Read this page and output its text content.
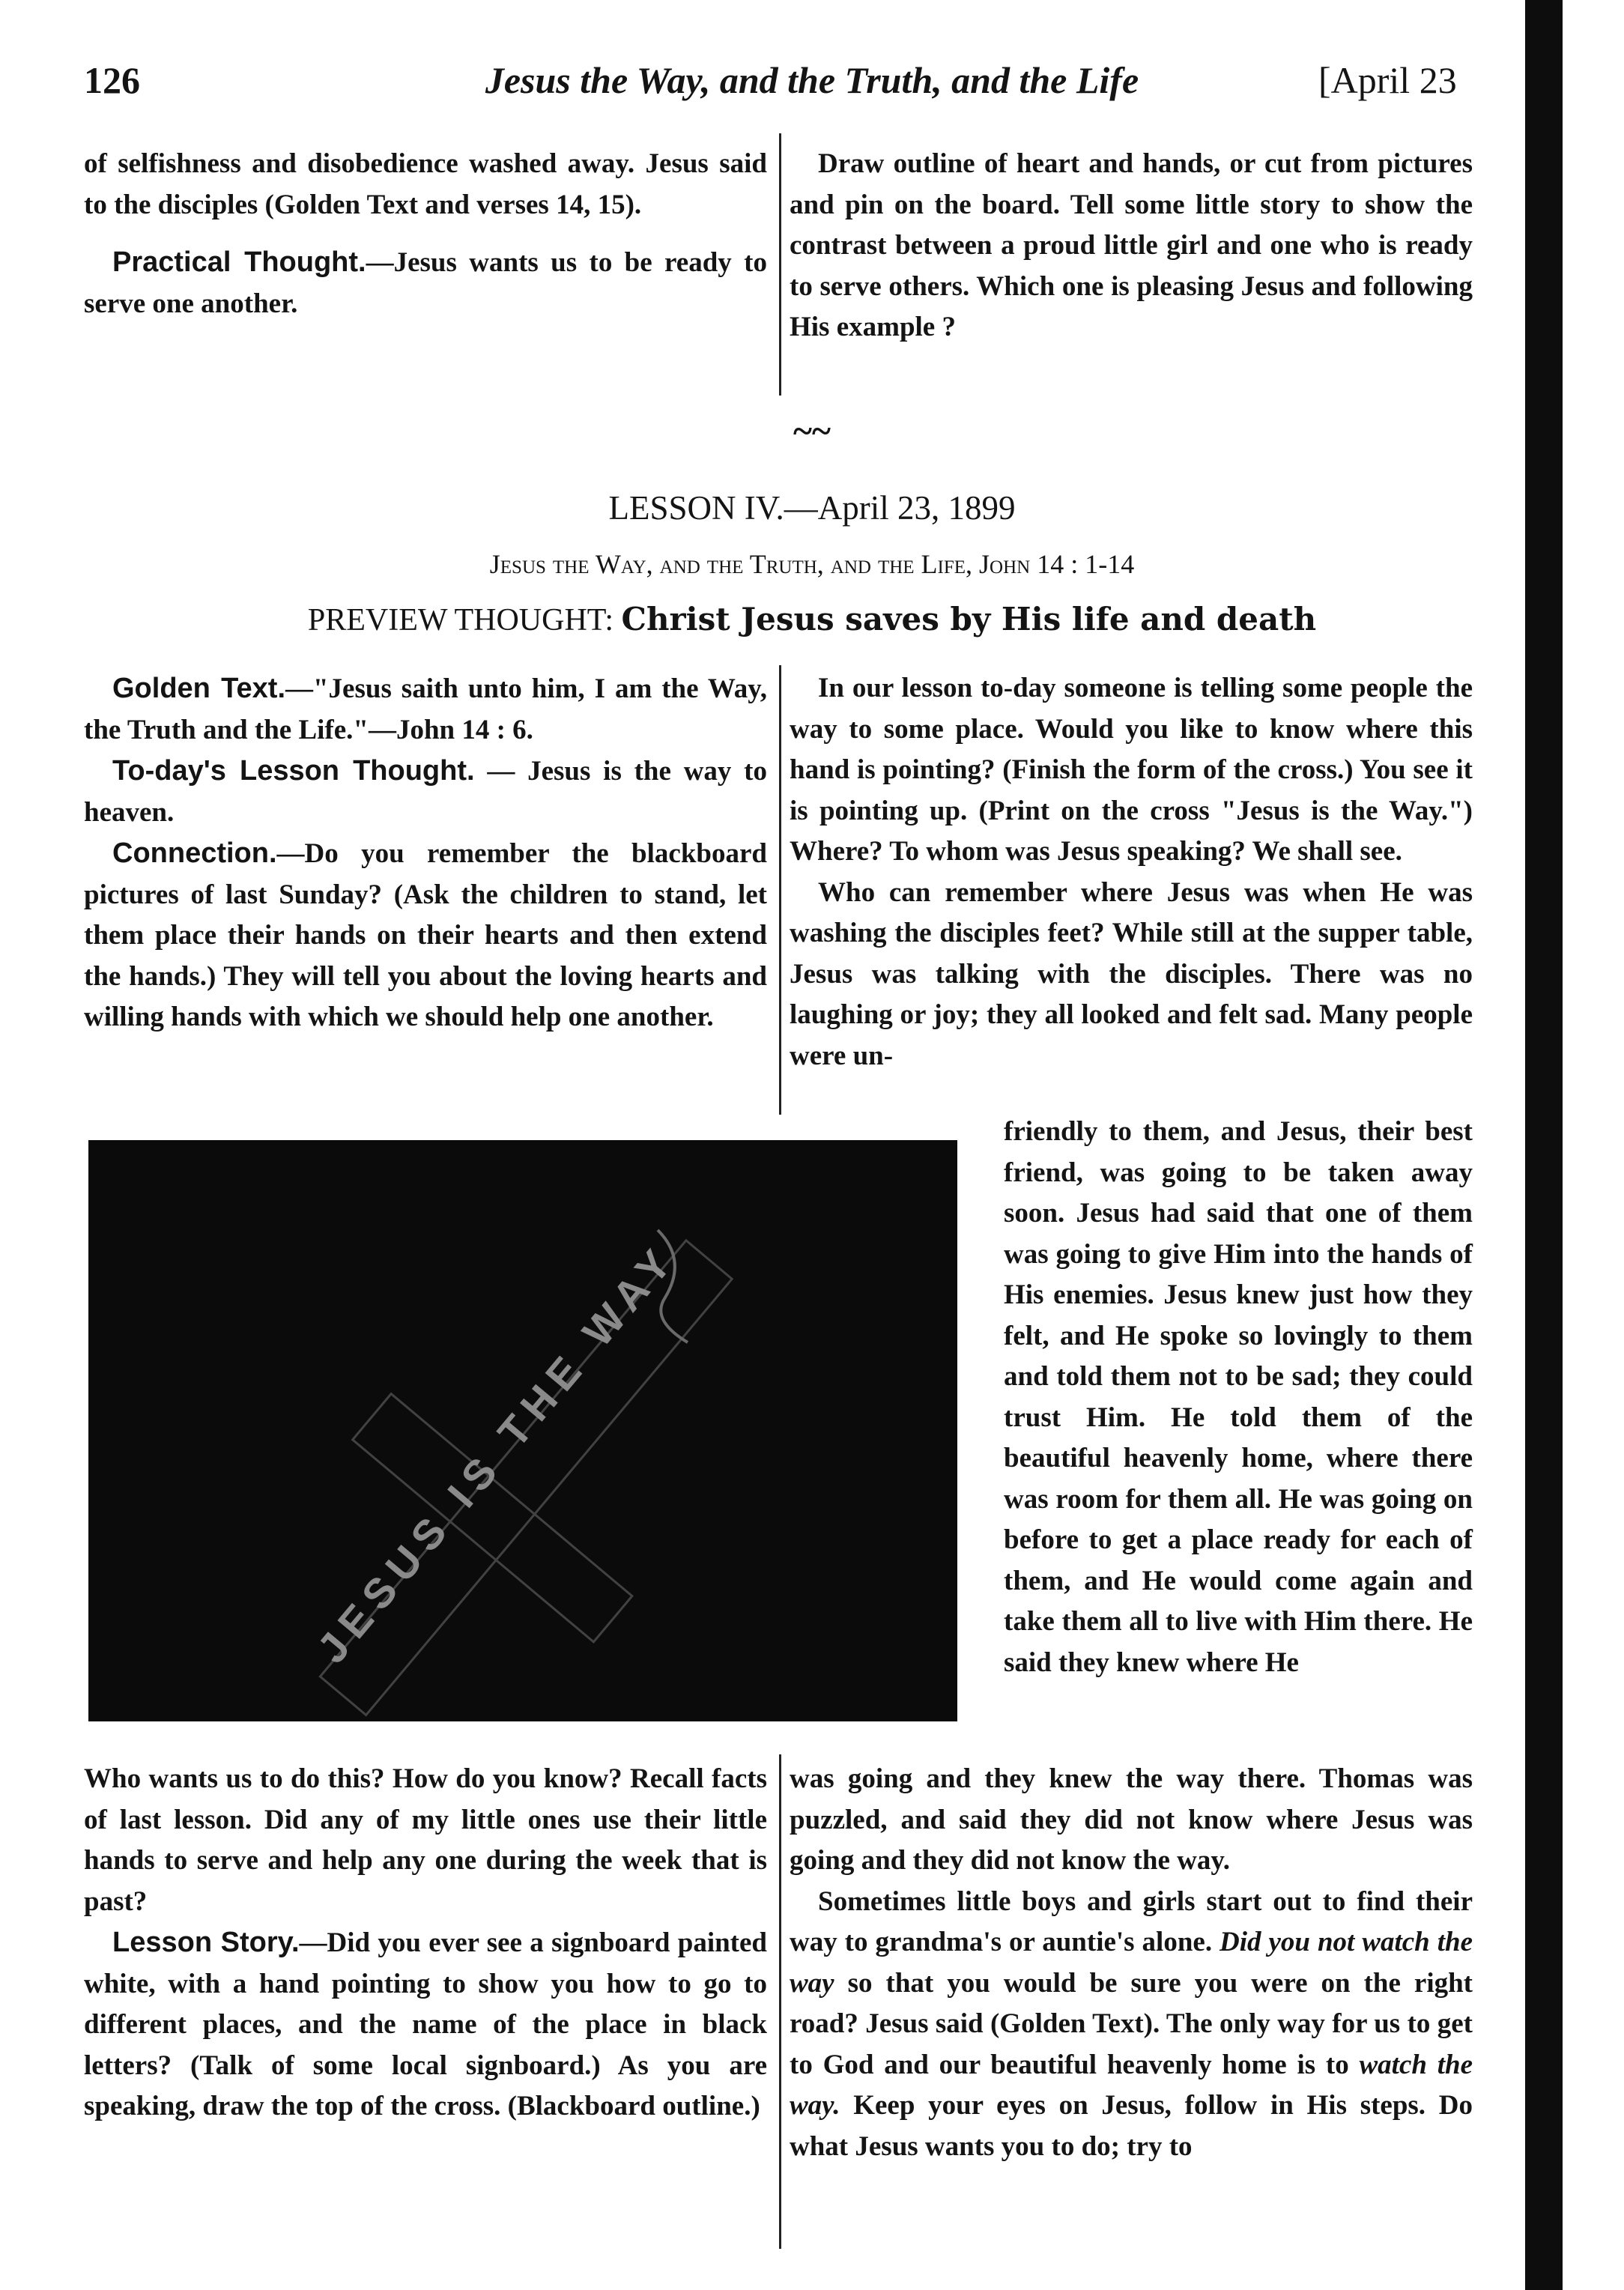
126	Jesus the Way, and the Truth, and the Life	[April 23

of selfishness and disobedience washed away. Jesus said to the disciples (Golden Text and verses 14, 15).

Practical Thought.—Jesus wants us to be ready to serve one another.

Draw outline of heart and hands, or cut from pictures and pin on the board. Tell some little story to show the contrast between a proud little girl and one who is ready to serve others. Which one is pleasing Jesus and following His example ?

~~
LESSON IV.—April 23, 1899
Jesus the Way, and the Truth, and the Life, John 14 : 1-14
PREVIEW THOUGHT: Christ Jesus saves by His life and death

Golden Text.—"Jesus saith unto him, I am the Way, the Truth and the Life."—John 14 : 6.

To-day's Lesson Thought. — Jesus is the way to heaven.

Connection.—Do you remember the blackboard pictures of last Sunday? (Ask the children to stand, let them place their hands on their hearts and then extend the hands.) They will tell you about the loving hearts and willing hands with which we should help one another.

In our lesson to-day someone is telling some people the way to some place. Would you like to know where this hand is pointing? (Finish the form of the cross.) You see it is pointing up. (Print on the cross "Jesus is the Way.") Where? To whom was Jesus speaking? We shall see.

Who can remember where Jesus was when He was washing the disciples feet? While still at the supper table, Jesus was talking with the disciples. There was no laughing or joy; they all looked and felt sad. Many people were un-

JESUS IS THE WAY

friendly to them, and Jesus, their best friend, was going to be taken away soon. Jesus had said that one of them was going to give Him into the hands of His enemies. Jesus knew just how they felt, and He spoke so lovingly to them and told them not to be sad; they could trust Him. He told them of the beautiful heavenly home, where there was room for them all. He was going on before to get a place ready for each of them, and He would come again and take them all to live with Him there. He said they knew where He

Who wants us to do this? How do you know? Recall facts of last lesson. Did any of my little ones use their little hands to serve and help any one during the week that is past?

Lesson Story.—Did you ever see a signboard painted white, with a hand pointing to show you how to go to different places, and the name of the place in black letters? (Talk of some local signboard.) As you are speaking, draw the top of the cross. (Blackboard outline.)

was going and they knew the way there. Thomas was puzzled, and said they did not know where Jesus was going and they did not know the way.

Sometimes little boys and girls start out to find their way to grandma's or auntie's alone. Did you not watch the way so that you would be sure you were on the right road? Jesus said (Golden Text). The only way for us to get to God and our beautiful heavenly home is to watch the way. Keep your eyes on Jesus, follow in His steps. Do what Jesus wants you to do; try to
